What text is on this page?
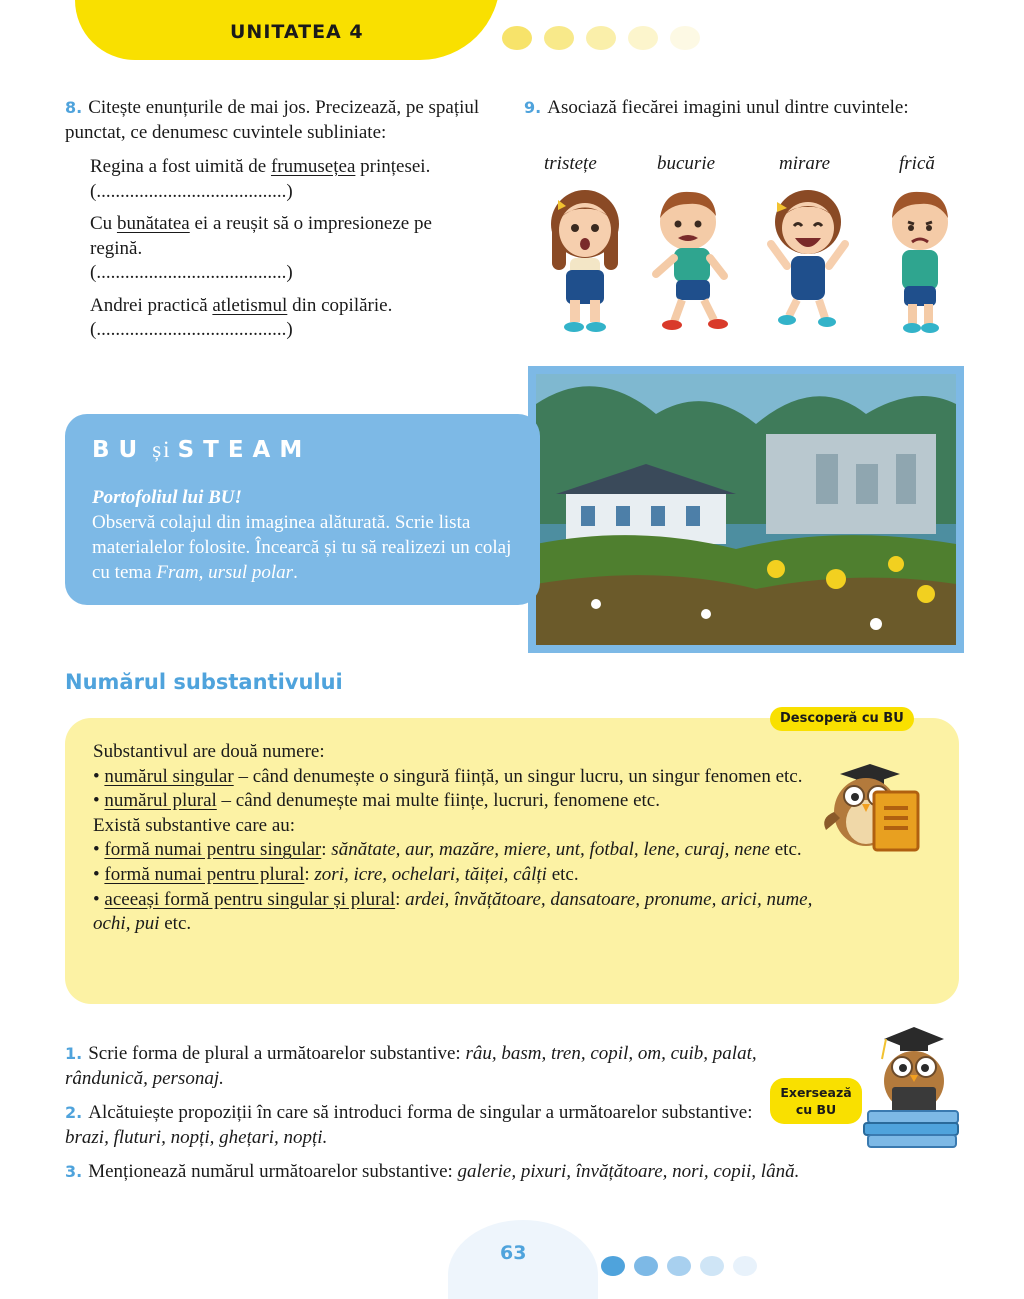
UNITATEA 4

8. Citește enunțurile de mai jos. Precizează, pe spațiul punctat, ce denumesc cuvintele subliniate:

Regina a fost uimită de frumusețea prințesei.

(........................................)

Cu bunătatea ei a reușit să o impresioneze pe regină.

(........................................)

Andrei practică atletismul din copilărie.

(........................................)

9. Asociază fiecărei imagini unul dintre cuvintele:

tristețe	bucurie	mirare	frică
BU și STEAM
Portofoliul lui BU!
Observă colajul din imaginea alăturată. Scrie lista materialelor folosite. Încearcă și tu să realizezi un colaj cu tema Fram, ursul polar.
Numărul substantivului
Descoperă cu BU
Substantivul are două numere:
• numărul singular – când denumește o singură ființă, un singur lucru, un singur fenomen etc.
• numărul plural – când denumește mai multe ființe, lucruri, fenomene etc.
Există substantive care au:
• formă numai pentru singular: sănătate, aur, mazăre, miere, unt, fotbal, lene, curaj, nene etc.
• formă numai pentru plural: zori, icre, ochelari, tăiței, câlți etc.
• aceeași formă pentru singular și plural: ardei, învățătoare, dansatoare, pronume, arici, nume, ochi, pui etc.

1. Scrie forma de plural a următoarelor substantive: râu, basm, tren, copil, om, cuib, palat, rândunică, personaj.

2. Alcătuiește propoziții în care să introduci forma de singular a următoarelor substantive: brazi, fluturi, nopți, ghețari, nopți.

3. Menționează numărul următoarelor substantive: galerie, pixuri, învățătoare, nori, copii, lână.

Exersează
cu BU
63
